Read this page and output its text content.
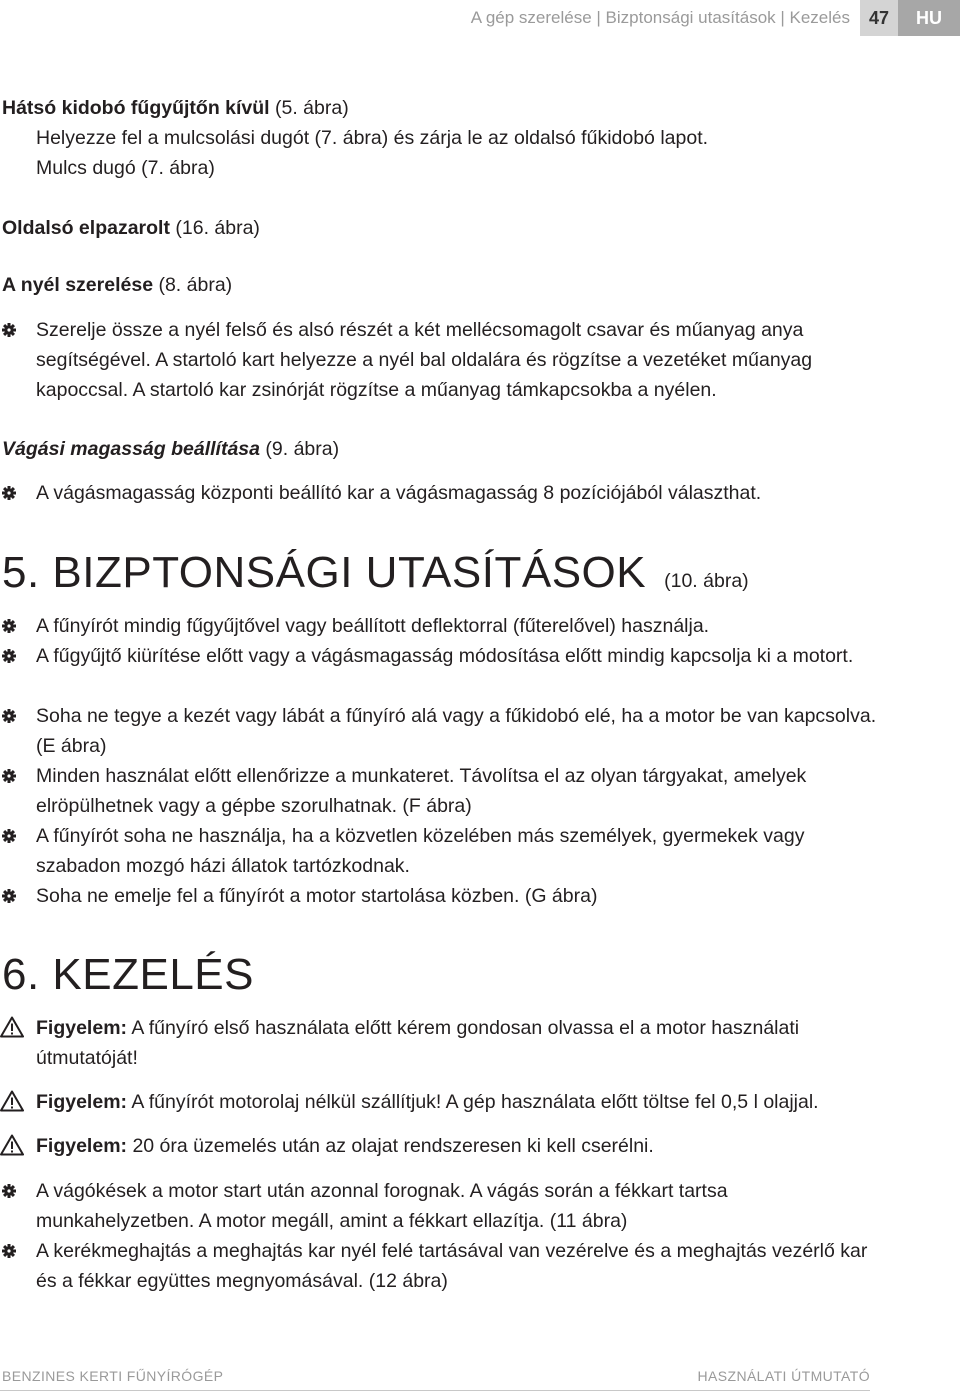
A gép szerelése | Bizptonsági utasítások | Kezelés	47	HU
Hátsó kidobó fűgyűjtőn kívül (5. ábra)
Helyezze fel a mulcsolási dugót (7. ábra) és zárja le az oldalsó fűkidobó lapot.
Mulcs dugó (7. ábra)
Oldalsó elpazarolt (16. ábra)
A nyél szerelése (8. ábra)
Szerelje össze a nyél felső és alsó részét a két mellécsomagolt csavar és műanyag anya segítségével. A startoló kart helyezze a nyél bal oldalára és rögzítse a vezetéket műanyag kapoccsal. A startoló kar zsinórját rögzítse a műanyag támkapcsokba a nyélen.
Vágási magasság beállítása (9. ábra)
A vágásmagasság központi beállító kar a vágásmagasság 8 pozíciójából választhat.
5. BIZPTONSÁGI UTASÍTÁSOK (10. ábra)
A fűnyírót mindig fűgyűjtővel vagy beállított deflektorral (fűterelővel) használja.
A fűgyűjtő kiürítése előtt vagy a vágásmagasság módosítása előtt mindig kapcsolja ki a motort.
Soha ne tegye a kezét vagy lábát a fűnyíró alá vagy a fűkidobó elé, ha a motor be van kapcsolva. (E ábra)
Minden használat előtt ellenőrizze a munkateret. Távolítsa el az olyan tárgyakat, amelyek elröpülhetnek vagy a gépbe szorulhatnak. (F ábra)
A fűnyírót soha ne használja, ha a közvetlen közelében más személyek, gyermekek vagy szabadon mozgó házi állatok tartózkodnak.
Soha ne emelje fel a fűnyírót a motor startolása közben. (G ábra)
6. KEZELÉS
Figyelem: A fűnyíró első használata előtt kérem gondosan olvassa el a motor használati útmutatóját!
Figyelem: A fűnyírót motorolaj nélkül szállítjuk! A gép használata előtt töltse fel 0,5 l olajjal.
Figyelem: 20 óra üzemelés után az olajat rendszeresen ki kell cserélni.
A vágókések a motor start után azonnal forognak. A vágás során a fékkart tartsa munkahelyzetben. A motor megáll, amint a fékkart ellazítja. (11 ábra)
A kerékmeghajtás a meghajtás kar nyél felé tartásával van vezérelve és a meghajtás vezérlő kar és a fékkar együttes megnyomásával. (12 ábra)
BENZINES KERTI FŰNYÍRÓGÉP	HASZNÁLATI ÚTMUTATÓ
